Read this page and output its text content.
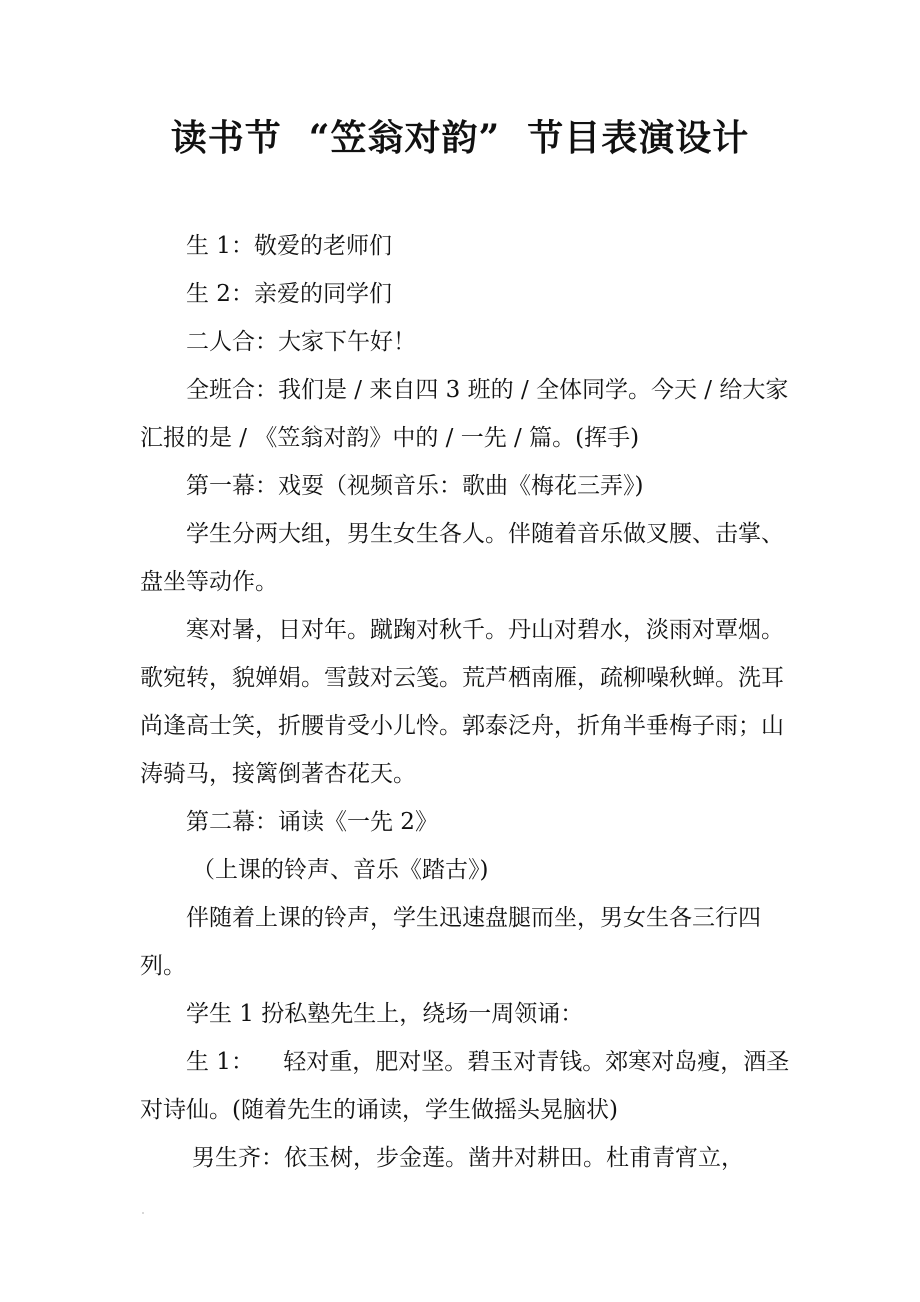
读书节  “笠翁对韵”  节目表演设计

生 1：敬爱的老师们

生 2：亲爱的同学们

二人合：大家下午好！

全班合：我们是 / 来自四 3 班的 / 全体同学。今天 / 给大家汇报的是 / 《笠翁对韵》中的 / 一先 / 篇。(挥手)

第一幕：戏耍（视频音乐：歌曲《梅花三弄》)

学生分两大组，男生女生各人。伴随着音乐做叉腰、击掌、盘坐等动作。

寒对暑，日对年。蹴踘对秋千。丹山对碧水，淡雨对覃烟。歌宛转，貌婵娟。雪鼓对云笺。荒芦栖南雁，疏柳噪秋蝉。洗耳尚逢高士笑，折腰肯受小儿怜。郭泰泛舟，折角半垂梅子雨；山涛骑马，接篱倒著杏花天。

第二幕：诵读《一先 2》

（上课的铃声、音乐《踏古》)

伴随着上课的铃声，学生迅速盘腿而坐，男女生各三行四列。

学生 1 扮私塾先生上，绕场一周领诵：

生 1：    轻对重，肥对坚。碧玉对青钱。郊寒对岛瘦，酒圣对诗仙。(随着先生的诵读，学生做摇头晃脑状)

男生齐：依玉树，步金莲。凿井对耕田。杜甫青宵立，
